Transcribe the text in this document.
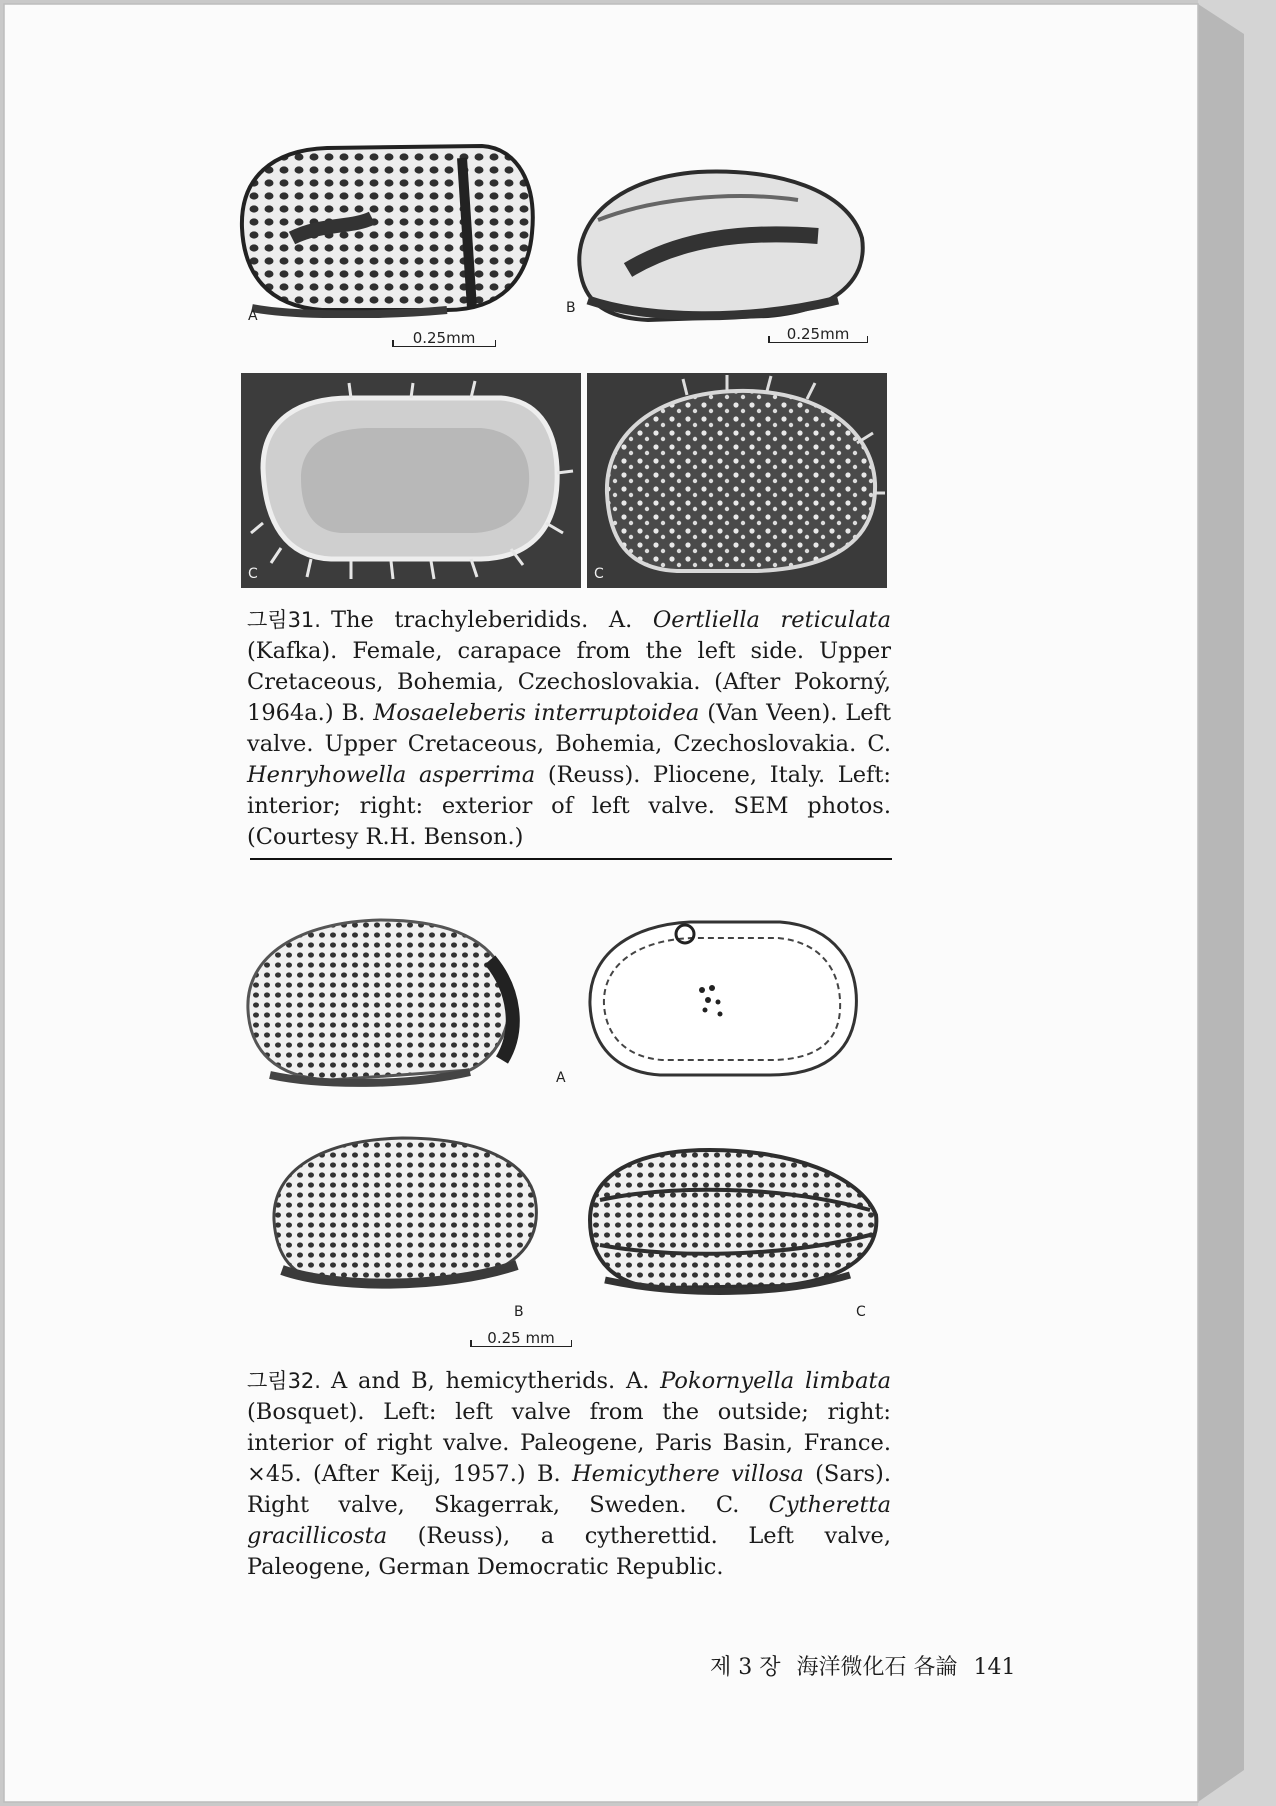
A
0.25mm
B
0.25mm
C	C
그림31. The trachyleberidids. A. Oertliella reticulata (Kafka). Female, carapace from the left side. Upper Cretaceous, Bohemia, Czechoslovakia. (After Pokorný, 1964a.) B. Mosaeleberis interruptoidea (Van Veen). Left valve. Upper Cretaceous, Bohemia, Czechoslovakia. C. Henryhowella asperrima (Reuss). Pliocene, Italy. Left: interior; right: exterior of left valve. SEM photos. (Courtesy R.H. Benson.)
A
B	C
0.25 mm
그림32. A and B, hemicytherids. A. Pokornyella limbata (Bosquet). Left: left valve from the outside; right: interior of right valve. Paleogene, Paris Basin, France. ×45. (After Keij, 1957.) B. Hemicythere villosa (Sars). Right valve, Skagerrak, Sweden. C. Cytheretta gracillicosta (Reuss), a cytherettid. Left valve, Paleogene, German Democratic Republic.
제 3 장 海洋微化石 各論 141
